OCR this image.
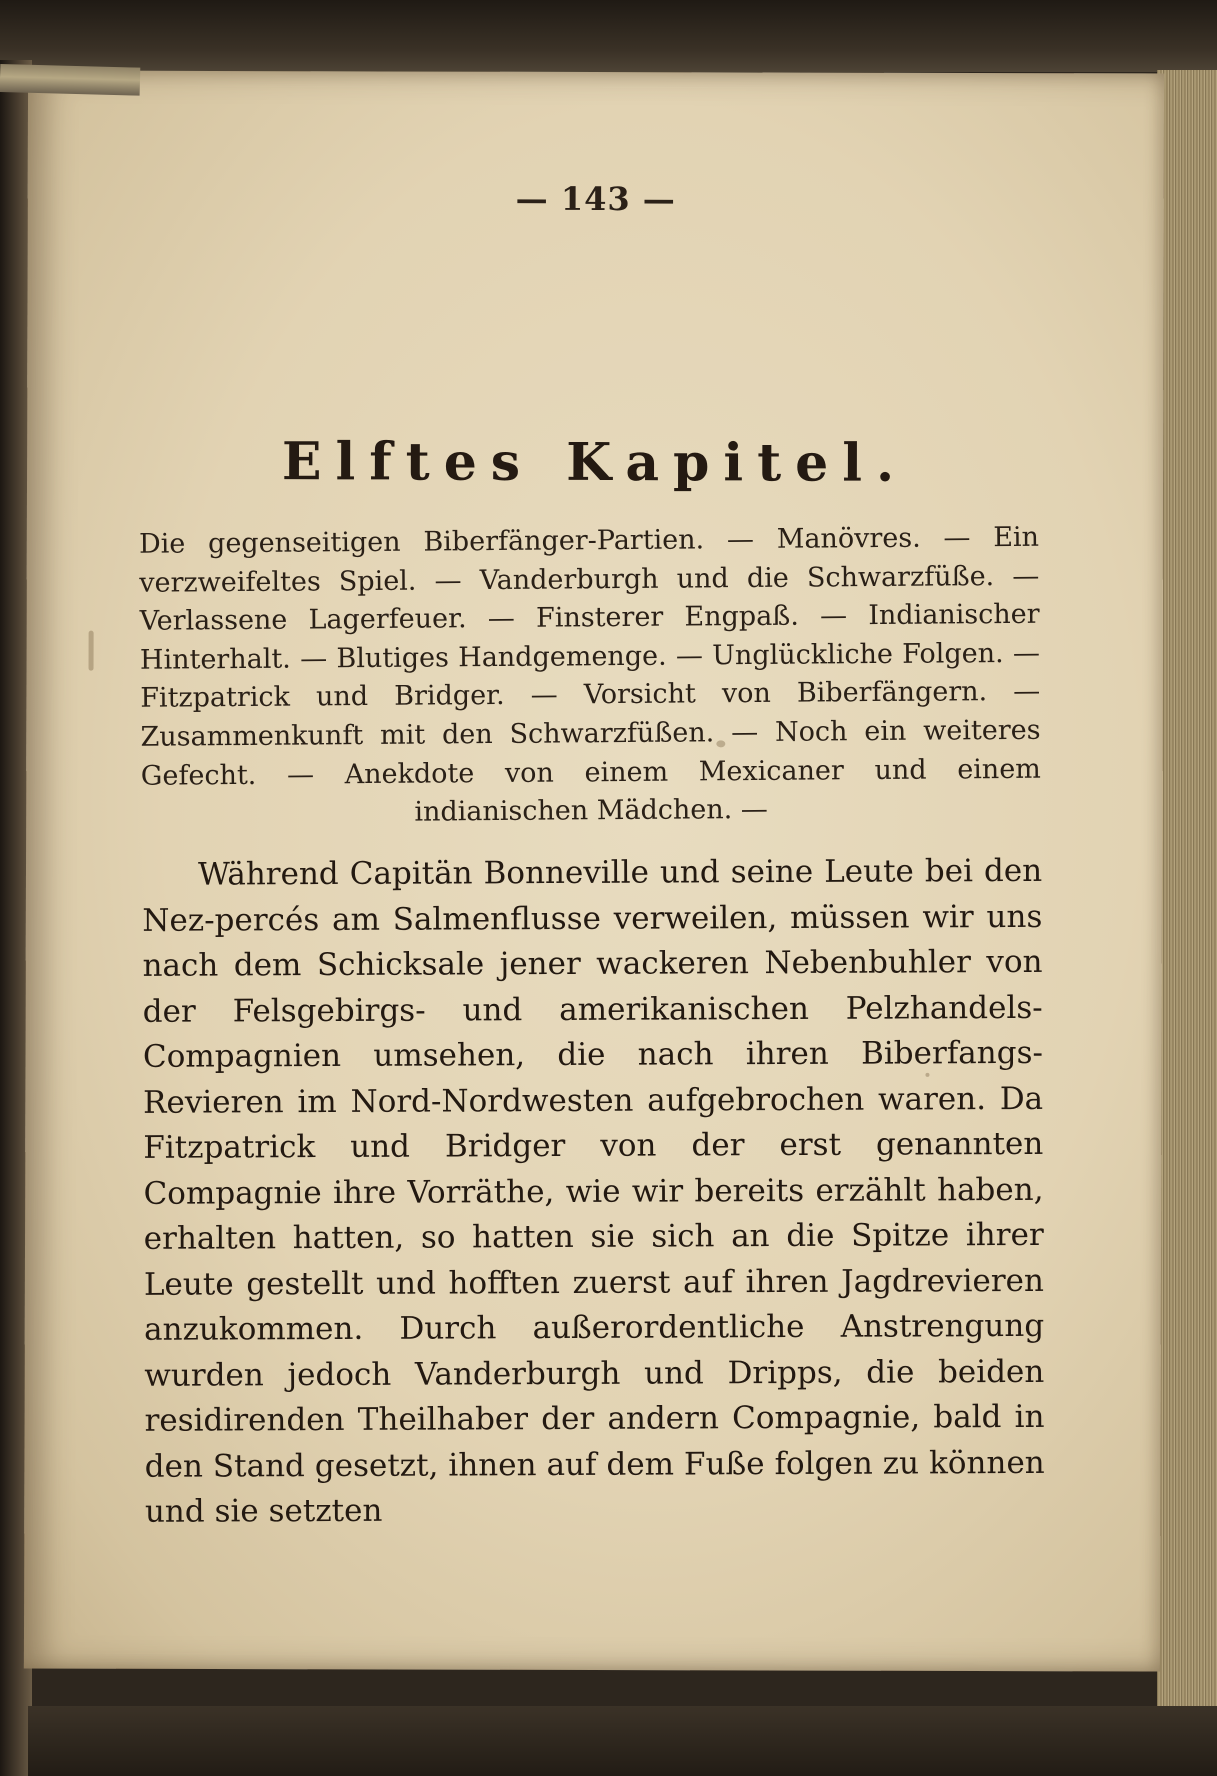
— 143 —
Elftes Kapitel.
Die gegenseitigen Biberfänger-Partien. — Manövres. — Ein verzweifeltes Spiel. — Vanderburgh und die Schwarzfüße. — Verlassene Lagerfeuer. — Finsterer Engpaß. — Indianischer Hinterhalt. — Blutiges Handgemenge. — Unglückliche Folgen. — Fitzpatrick und Bridger. — Vorsicht von Biberfängern. — Zusammenkunft mit den Schwarzfüßen. — Noch ein weiteres Gefecht. — Anekdote von einem Mexicaner und einem indianischen Mädchen. —
Während Capitän Bonneville und seine Leute bei den Nez-percés am Salmenflusse verweilen, müssen wir uns nach dem Schicksale jener wackeren Nebenbuhler von der Felsgebirgs- und amerikanischen Pelzhandels-Compagnien umsehen, die nach ihren Biberfangs-Revieren im Nord-Nordwesten aufgebrochen waren. Da Fitzpatrick und Bridger von der erst genannten Compagnie ihre Vorräthe, wie wir bereits erzählt haben, erhalten hatten, so hatten sie sich an die Spitze ihrer Leute gestellt und hofften zuerst auf ihren Jagdrevieren anzukommen. Durch außerordentliche Anstrengung wurden jedoch Vanderburgh und Dripps, die beiden residirenden Theilhaber der andern Compagnie, bald in den Stand gesetzt, ihnen auf dem Fuße folgen zu können und sie setzten
